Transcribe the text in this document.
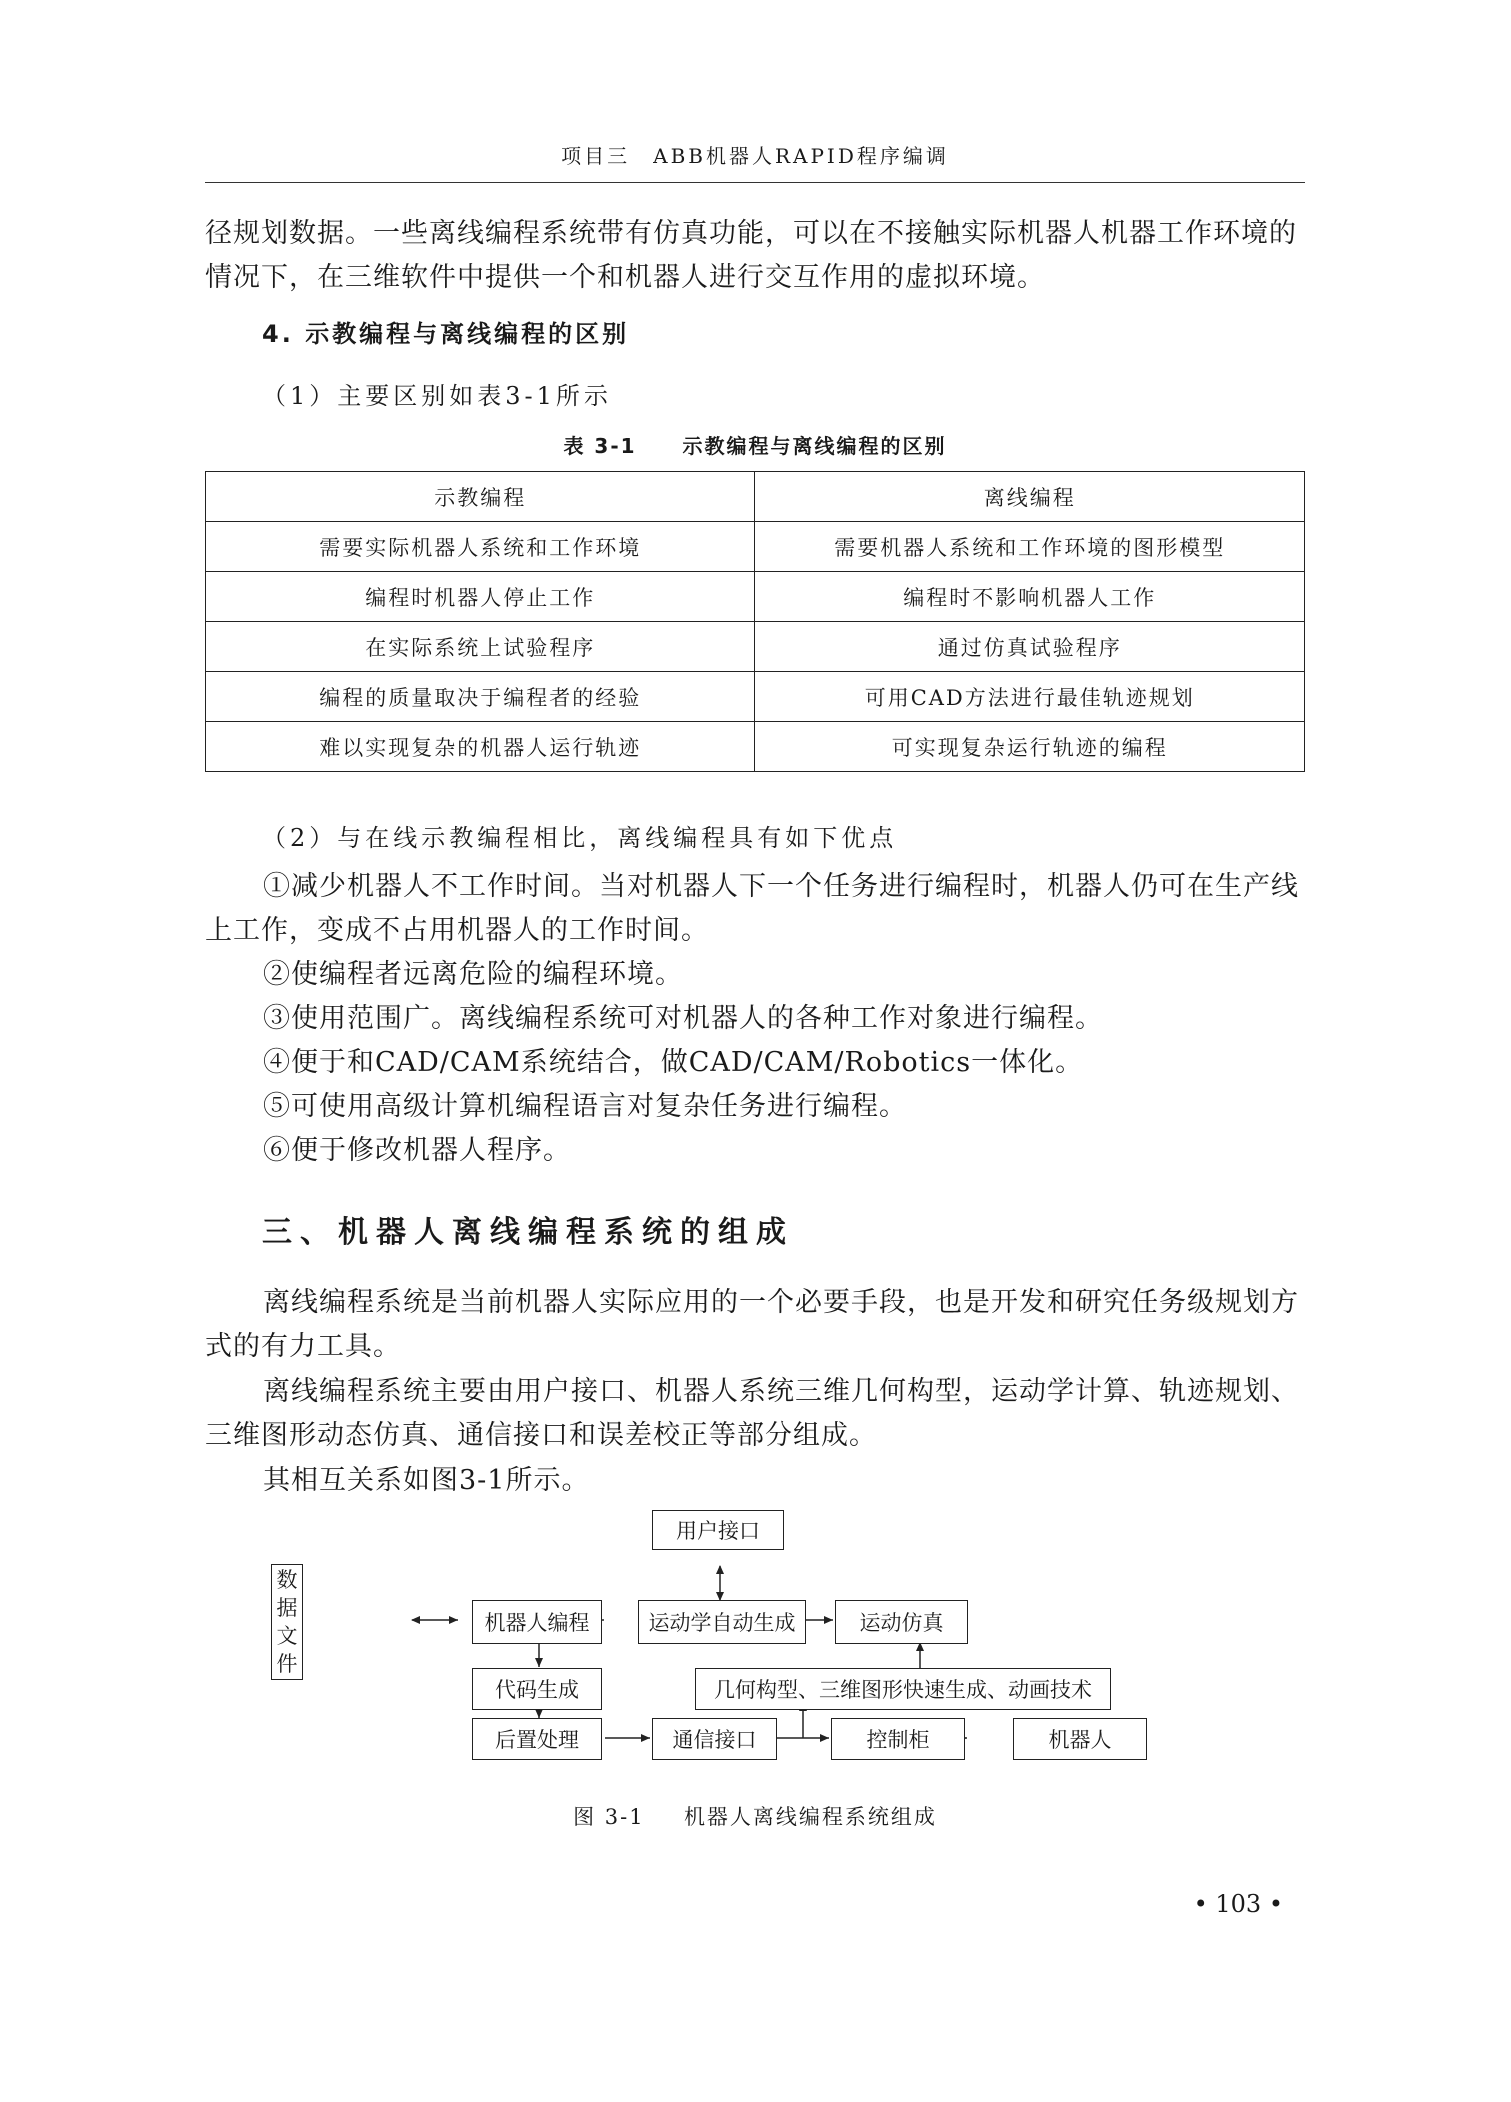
项目三　ABB机器人RAPID程序编调

径规划数据。一些离线编程系统带有仿真功能，可以在不接触实际机器人机器工作环境的情况下，在三维软件中提供一个和机器人进行交互作用的虚拟环境。

4. 示教编程与离线编程的区别
（1）主要区别如表3-1所示
表 3-1 示教编程与离线编程的区别
示教编程	离线编程
需要实际机器人系统和工作环境	需要机器人系统和工作环境的图形模型
编程时机器人停止工作	编程时不影响机器人工作
在实际系统上试验程序	通过仿真试验程序
编程的质量取决于编程者的经验	可用CAD方法进行最佳轨迹规划
难以实现复杂的机器人运行轨迹	可实现复杂运行轨迹的编程
（2）与在线示教编程相比，离线编程具有如下优点

①减少机器人不工作时间。当对机器人下一个任务进行编程时，机器人仍可在生产线上工作，变成不占用机器人的工作时间。

②使编程者远离危险的编程环境。

③使用范围广。离线编程系统可对机器人的各种工作对象进行编程。

④便于和CAD/CAM系统结合，做CAD/CAM/Robotics一体化。

⑤可使用高级计算机编程语言对复杂任务进行编程。

⑥便于修改机器人程序。

三、机器人离线编程系统的组成

离线编程系统是当前机器人实际应用的一个必要手段，也是开发和研究任务级规划方式的有力工具。

离线编程系统主要由用户接口、机器人系统三维几何构型，运动学计算、轨迹规划、三维图形动态仿真、通信接口和误差校正等部分组成。

其相互关系如图3-1所示。

数
据
文
件
用户接口
机器人编程	运动学自动生成	运动仿真
代码生成	几何构型、三维图形快速生成、动画技术
后置处理	通信接口	控制柜	机器人
图 3-1 机器人离线编程系统组成
• 103 •
